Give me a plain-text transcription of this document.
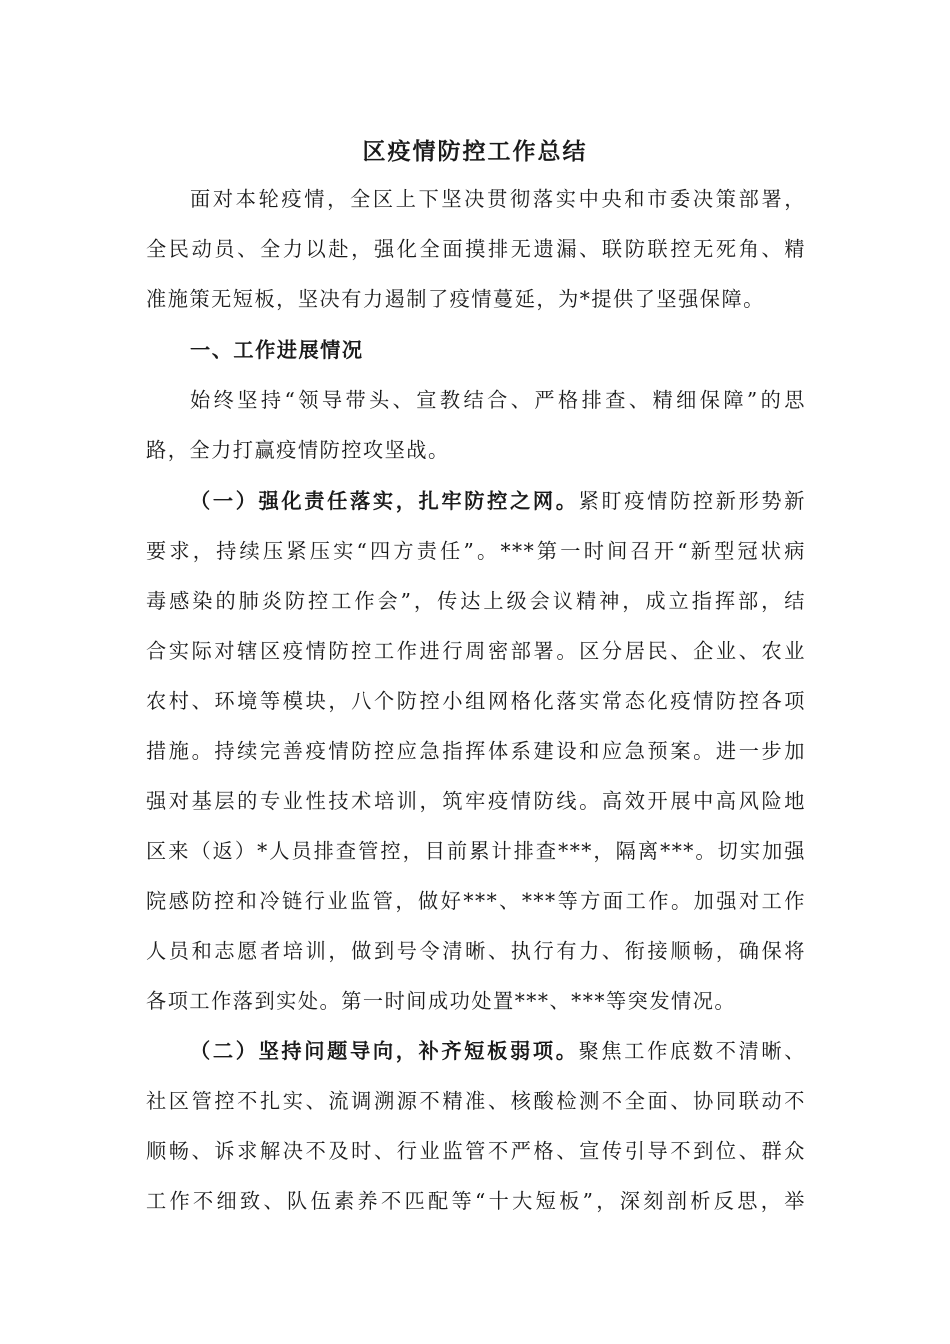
区疫情防控工作总结
面对本轮疫情，全区上下坚决贯彻落实中央和市委决策部署，
全民动员、全力以赴，强化全面摸排无遗漏、联防联控无死角、精
准施策无短板，坚决有力遏制了疫情蔓延，为*提供了坚强保障。
一、工作进展情况
始终坚持“领导带头、宣教结合、严格排查、精细保障”的思
路，全力打赢疫情防控攻坚战。
（一）强化责任落实，扎牢防控之网。紧盯疫情防控新形势新
要求，持续压紧压实“四方责任”。***第一时间召开“新型冠状病
毒感染的肺炎防控工作会”，传达上级会议精神，成立指挥部，结
合实际对辖区疫情防控工作进行周密部署。区分居民、企业、农业
农村、环境等模块，八个防控小组网格化落实常态化疫情防控各项
措施。持续完善疫情防控应急指挥体系建设和应急预案。进一步加
强对基层的专业性技术培训，筑牢疫情防线。高效开展中高风险地
区来（返）*人员排查管控，目前累计排查***，隔离***。切实加强
院感防控和冷链行业监管，做好***、***等方面工作。加强对工作
人员和志愿者培训，做到号令清晰、执行有力、衔接顺畅，确保将
各项工作落到实处。第一时间成功处置***、***等突发情况。
（二）坚持问题导向，补齐短板弱项。聚焦工作底数不清晰、
社区管控不扎实、流调溯源不精准、核酸检测不全面、协同联动不
顺畅、诉求解决不及时、行业监管不严格、宣传引导不到位、群众
工作不细致、队伍素养不匹配等“十大短板”，深刻剖析反思，举
